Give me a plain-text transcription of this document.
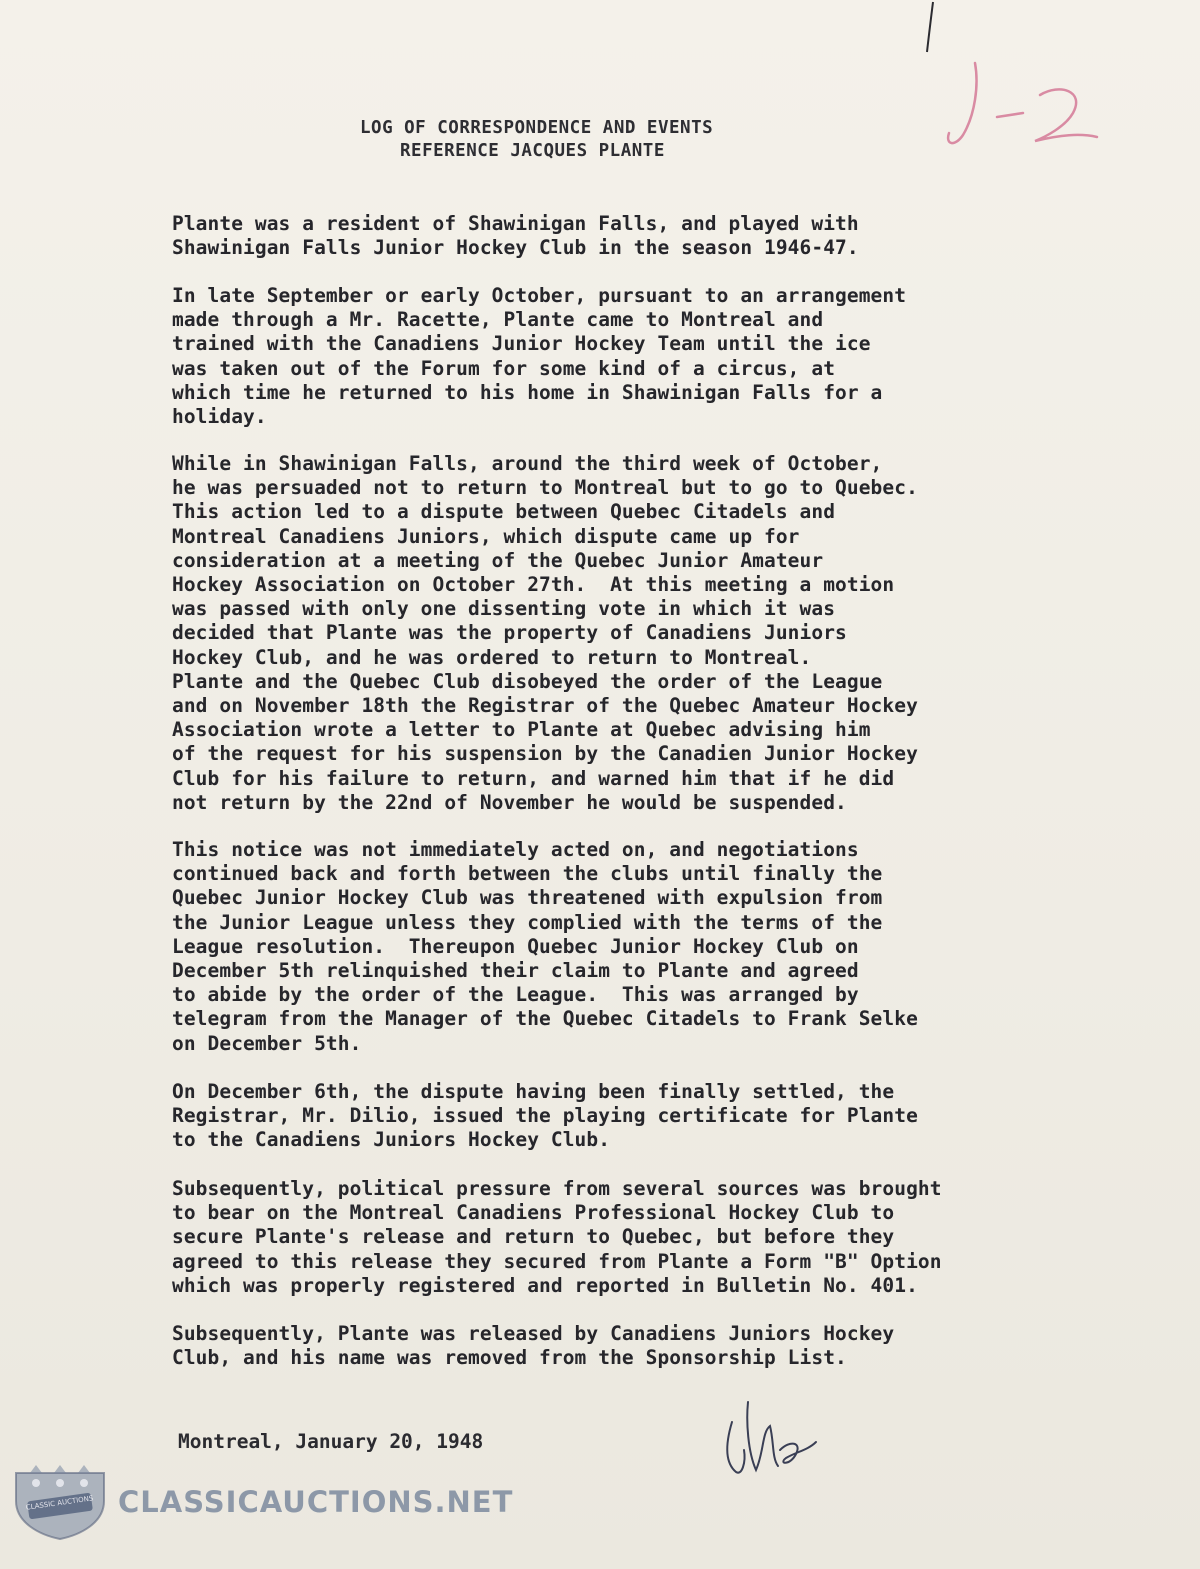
LOG OF CORRESPONDENCE AND EVENTS
REFERENCE JACQUES PLANTE
Plante was a resident of Shawinigan Falls, and played with
Shawinigan Falls Junior Hockey Club in the season 1946-47.
In late September or early October, pursuant to an arrangement
made through a Mr. Racette, Plante came to Montreal and
trained with the Canadiens Junior Hockey Team until the ice
was taken out of the Forum for some kind of a circus, at
which time he returned to his home in Shawinigan Falls for a
holiday.
While in Shawinigan Falls, around the third week of October,
he was persuaded not to return to Montreal but to go to Quebec.
This action led to a dispute between Quebec Citadels and
Montreal Canadiens Juniors, which dispute came up for
consideration at a meeting of the Quebec Junior Amateur
Hockey Association on October 27th.  At this meeting a motion
was passed with only one dissenting vote in which it was
decided that Plante was the property of Canadiens Juniors
Hockey Club, and he was ordered to return to Montreal.
Plante and the Quebec Club disobeyed the order of the League
and on November 18th the Registrar of the Quebec Amateur Hockey
Association wrote a letter to Plante at Quebec advising him
of the request for his suspension by the Canadien Junior Hockey
Club for his failure to return, and warned him that if he did
not return by the 22nd of November he would be suspended.
This notice was not immediately acted on, and negotiations
continued back and forth between the clubs until finally the
Quebec Junior Hockey Club was threatened with expulsion from
the Junior League unless they complied with the terms of the
League resolution.  Thereupon Quebec Junior Hockey Club on
December 5th relinquished their claim to Plante and agreed
to abide by the order of the League.  This was arranged by
telegram from the Manager of the Quebec Citadels to Frank Selke
on December 5th.
On December 6th, the dispute having been finally settled, the
Registrar, Mr. Dilio, issued the playing certificate for Plante
to the Canadiens Juniors Hockey Club.
Subsequently, political pressure from several sources was brought
to bear on the Montreal Canadiens Professional Hockey Club to
secure Plante's release and return to Quebec, but before they
agreed to this release they secured from Plante a Form "B" Option
which was properly registered and reported in Bulletin No. 401.
Subsequently, Plante was released by Canadiens Juniors Hockey
Club, and his name was removed from the Sponsorship List.
Montreal, January 20, 1948
CLASSIC AUCTIONS CLASSICAUCTIONS.NET
